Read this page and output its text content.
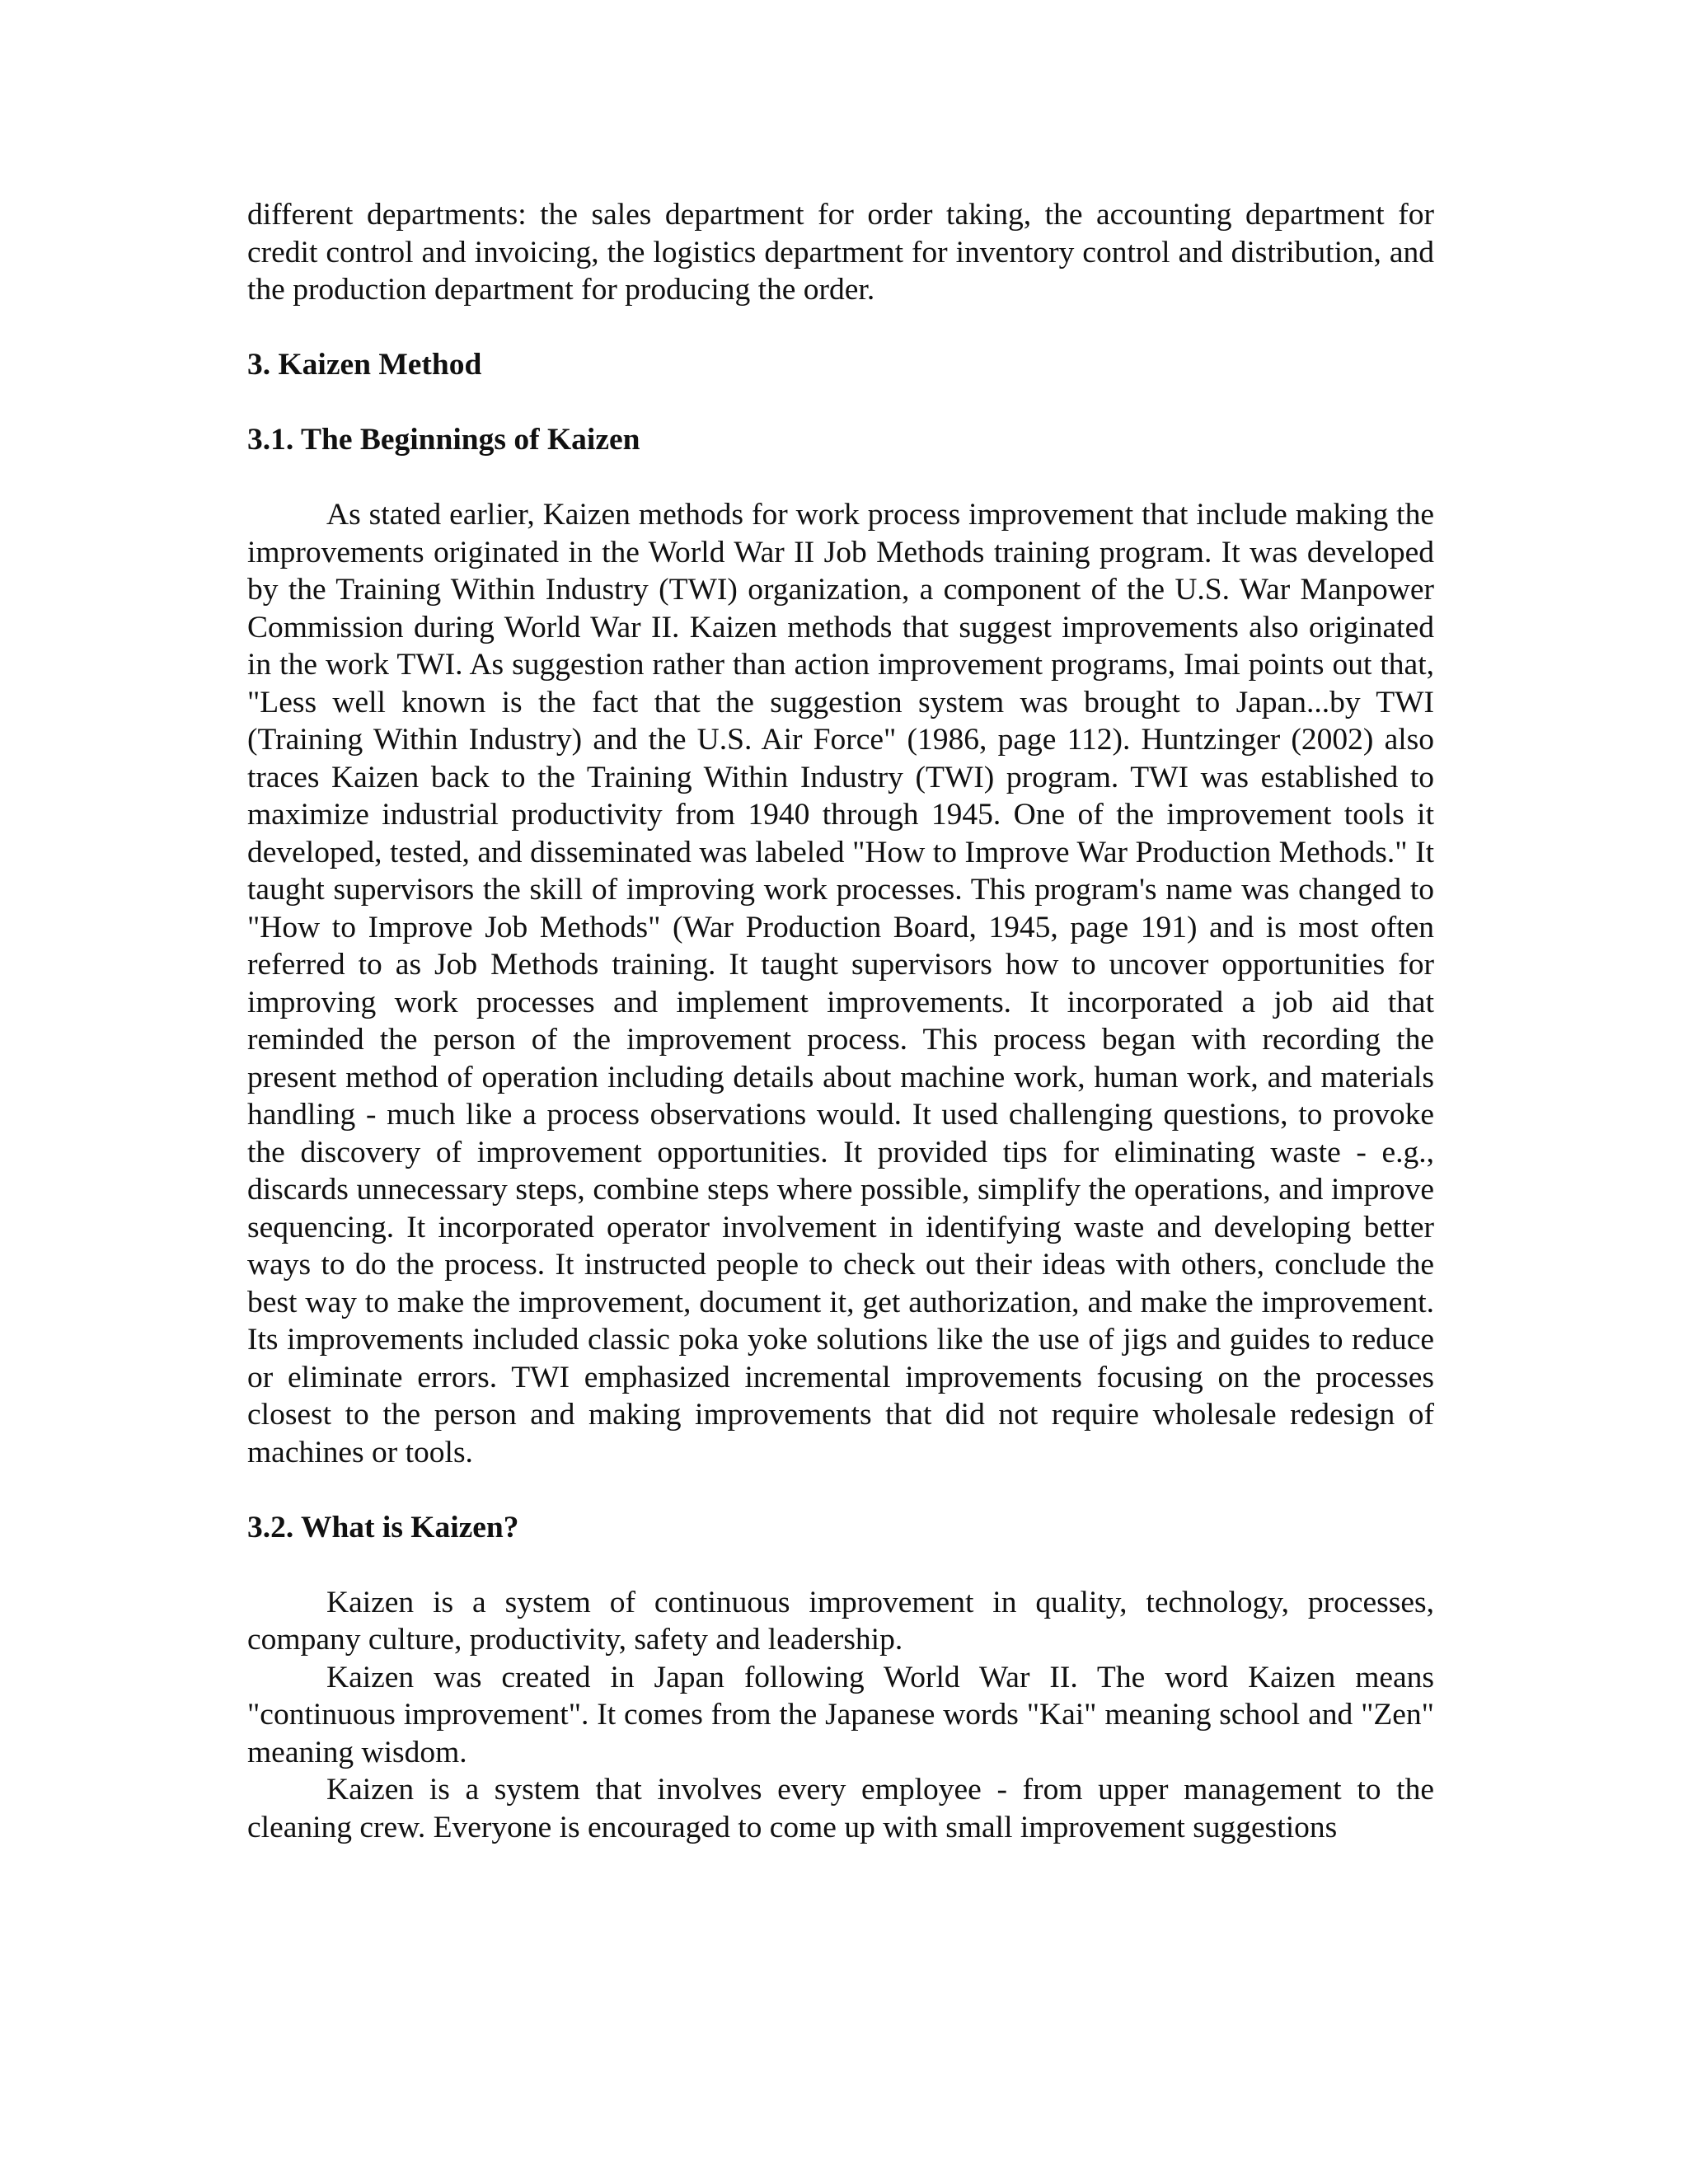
different departments: the sales department for order taking, the accounting department for credit control and invoicing, the logistics department for inventory control and distribution, and the production department for producing the order.

3. Kaizen Method
3.1. The Beginnings of Kaizen

As stated earlier, Kaizen methods for work process improvement that include making the improvements originated in the World War II Job Methods training program. It was developed by the Training Within Industry (TWI) organization, a component of the U.S. War Manpower Commission during World War II. Kaizen methods that suggest improvements also originated in the work TWI. As suggestion rather than action improvement programs, Imai points out that, "Less well known is the fact that the suggestion system was brought to Japan...by TWI (Training Within Industry) and the U.S. Air Force" (1986, page 112). Huntzinger (2002) also traces Kaizen back to the Training Within Industry (TWI) program. TWI was established to maximize industrial productivity from 1940 through 1945. One of the improvement tools it developed, tested, and disseminated was labeled "How to Improve War Production Methods." It taught supervisors the skill of improving work processes. This program's name was changed to "How to Improve Job Methods" (War Production Board, 1945, page 191) and is most often referred to as Job Methods training. It taught supervisors how to uncover opportunities for improving work processes and implement improvements. It incorporated a job aid that reminded the person of the improvement process. This process began with recording the present method of operation including details about machine work, human work, and materials handling - much like a process observations would. It used challenging questions, to provoke the discovery of improvement opportunities. It provided tips for eliminating waste - e.g., discards unnecessary steps, combine steps where possible, simplify the operations, and improve sequencing. It incorporated operator involvement in identifying waste and developing better ways to do the process. It instructed people to check out their ideas with others, conclude the best way to make the improvement, document it, get authorization, and make the improvement. Its improvements included classic poka yoke solutions like the use of jigs and guides to reduce or eliminate errors. TWI emphasized incremental improvements focusing on the processes closest to the person and making improvements that did not require wholesale redesign of machines or tools.

3.2. What is Kaizen?

Kaizen is a system of continuous improvement in quality, technology, processes, company culture, productivity, safety and leadership.

Kaizen was created in Japan following World War II. The word Kaizen means "continuous improvement". It comes from the Japanese words "Kai" meaning school and "Zen" meaning wisdom.

Kaizen is a system that involves every employee - from upper management to the cleaning crew. Everyone is encouraged to come up with small improvement suggestions
